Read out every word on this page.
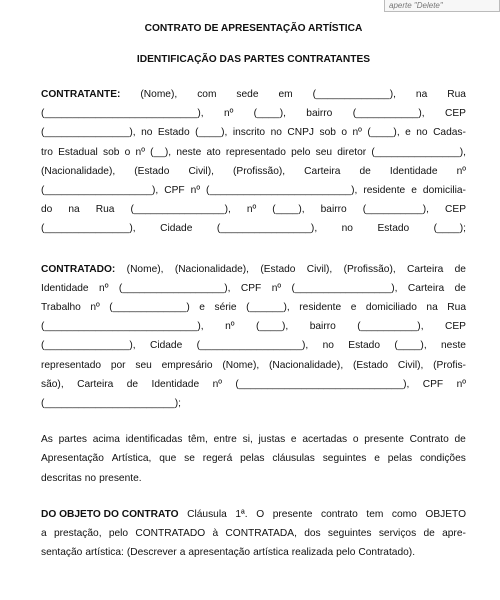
aperte "Delete"

CONTRATO DE APRESENTAÇÃO ARTÍSTICA

IDENTIFICAÇÃO DAS PARTES CONTRATANTES

CONTRATANTE: (Nome), com sede em (_____________), na Rua
(___________________________), nº (____), bairro (___________), CEP
(_______________), no Estado (____), inscrito no CNPJ sob o nº (____), e no Cadas-
tro Estadual sob o nº (__), neste ato representado pelo seu diretor (_______________),
(Nacionalidade), (Estado Civil), (Profissão), Carteira de Identidade nº
(___________________), CPF nº (_________________________), residente e domicilia-
do na Rua (________________), nº (____), bairro (__________), CEP
(_______________), Cidade (________________), no Estado (____);
CONTRATADO: (Nome), (Nacionalidade), (Estado Civil), (Profissão), Carteira de
Identidade nº (__________________), CPF nº (_________________), Carteira de
Trabalho nº (_____________) e série (______), residente e domiciliado na Rua
(___________________________), nº (____), bairro (__________), CEP
(_______________), Cidade (__________________), no Estado (____), neste
representado por seu empresário (Nome), (Nacionalidade), (Estado Civil), (Profis-
são), Carteira de Identidade nº (_____________________________), CPF nº
(_______________________);
As partes acima identificadas têm, entre si, justas e acertadas o presente Contrato de
Apresentação Artística, que se regerá pelas cláusulas seguintes e pelas condições
descritas no presente.
DO OBJETO DO CONTRATO Cláusula 1ª. O presente contrato tem como OBJETO
a prestação, pelo CONTRATADO à CONTRATADA, dos seguintes serviços de apre-
sentação artística: (Descrever a apresentação artística realizada pelo Contratado).
